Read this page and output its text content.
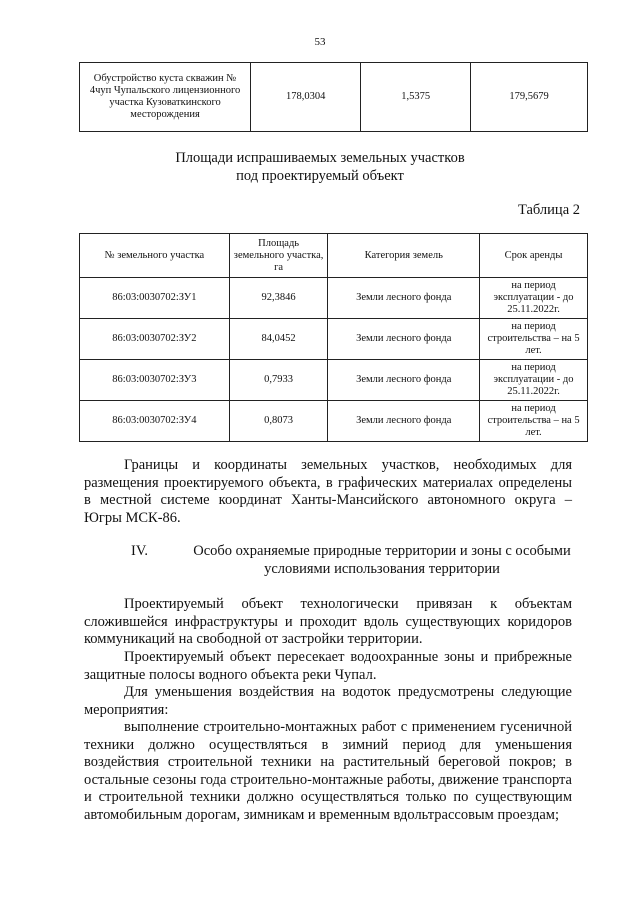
53
Обустройство куста скважин № 4чуп Чупальского лицензионного участка Кузоваткинского месторождения	178,0304	1,5375	179,5679
Площади испрашиваемых земельных участков
под проектируемый объект
Таблица 2
№ земельного участка	Площадь земельного участка, га	Категория земель	Срок аренды
86:03:0030702:ЗУ1	92,3846	Земли лесного фонда	на период эксплуатации - до 25.11.2022г.
86:03:0030702:ЗУ2	84,0452	Земли лесного фонда	на период строительства – на 5 лет.
86:03:0030702:ЗУ3	0,7933	Земли лесного фонда	на период эксплуатации - до 25.11.2022г.
86:03:0030702:ЗУ4	0,8073	Земли лесного фонда	на период строительства – на 5 лет.

Границы и координаты земельных участков, необходимых для размещения проектируемого объекта, в графических материалах определены в местной системе координат Ханты-Мансийского автономного округа – Югры МСК-86.

IV.	Особо охраняемые природные территории и зоны с особыми условиями использования территории

Проектируемый объект технологически привязан к объектам сложившейся инфраструктуры и проходит вдоль существующих коридоров коммуникаций на свободной от застройки территории.

Проектируемый объект пересекает водоохранные зоны и прибрежные защитные полосы водного объекта реки Чупал.

Для уменьшения воздействия на водоток предусмотрены следующие мероприятия:

выполнение строительно-монтажных работ с применением гусеничной техники должно осуществляться в зимний период для уменьшения воздействия строительной техники на растительный береговой покров; в остальные сезоны года строительно-монтажные работы, движение транспорта и строительной техники должно осуществляться только по существующим автомобильным дорогам, зимникам и временным вдольтрассовым проездам;
